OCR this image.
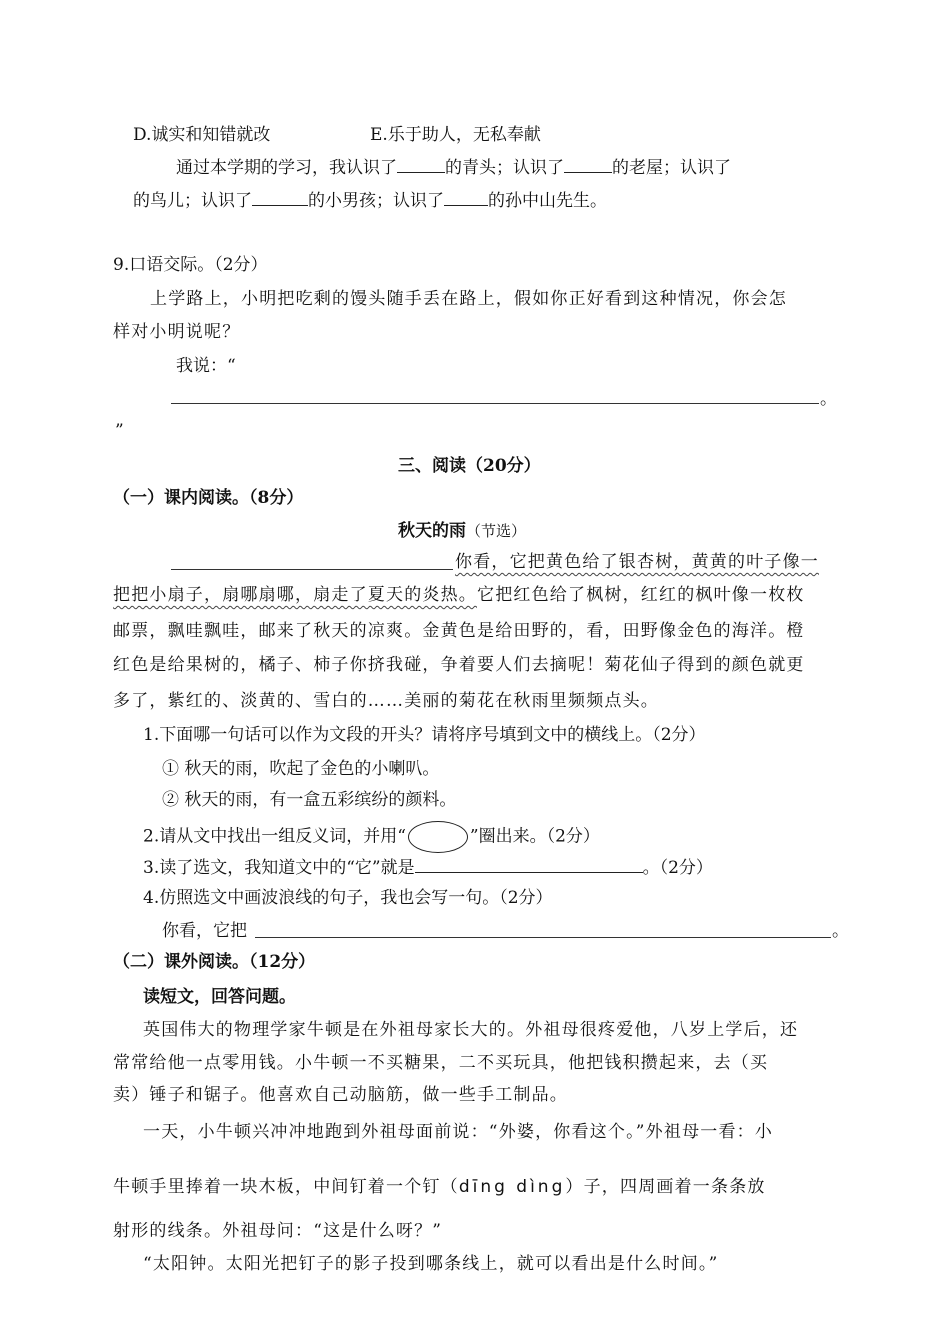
D.诚实和知错就改	E.乐于助人，无私奉献
通过本学期的学习，我认识了	的青头；认识了	的老屋；认识了
的鸟儿；认识了	的小男孩；认识了	的孙中山先生。
9.口语交际。（2分）
上学路上，小明把吃剩的馒头随手丢在路上，假如你正好看到这种情况，你会怎
样对小明说呢？
我说：“
。
”
三、阅读（20分）
（一）课内阅读。（8分）
秋天的雨（节选）
你看，它把黄色给了银杏树，黄黄的叶子像一
把把小扇子，扇哪扇哪，扇走了夏天的炎热。它把红色给了枫树，红红的枫叶像一枚枚
邮票，飘哇飘哇，邮来了秋天的凉爽。金黄色是给田野的，看，田野像金色的海洋。橙
红色是给果树的，橘子、柿子你挤我碰，争着要人们去摘呢！菊花仙子得到的颜色就更
多了，紫红的、淡黄的、雪白的……美丽的菊花在秋雨里频频点头。
1.下面哪一句话可以作为文段的开头？请将序号填到文中的横线上。（2分）
① 秋天的雨，吹起了金色的小喇叭。
② 秋天的雨，有一盒五彩缤纷的颜料。
2.请从文中找出一组反义词，并用“ ○ ”圈出来。（2分）
3.读了选文，我知道文中的“它”就是	。（2分）
4.仿照选文中画波浪线的句子，我也会写一句。（2分）
你看，它把	。
（二）课外阅读。（12分）
读短文，回答问题。
英国伟大的物理学家牛顿是在外祖母家长大的。外祖母很疼爱他，八岁上学后，还
常常给他一点零用钱。小牛顿一不买糖果，二不买玩具，他把钱积攒起来，去（买
卖）锤子和锯子。他喜欢自己动脑筋，做一些手工制品。
一天，小牛顿兴冲冲地跑到外祖母面前说：“外婆，你看这个。”外祖母一看：小
牛顿手里捧着一块木板，中间钉着一个钉（dīng dìng）子，四周画着一条条放
射形的线条。外祖母问：“这是什么呀？”
“太阳钟。太阳光把钉子的影子投到哪条线上，就可以看出是什么时间。”
